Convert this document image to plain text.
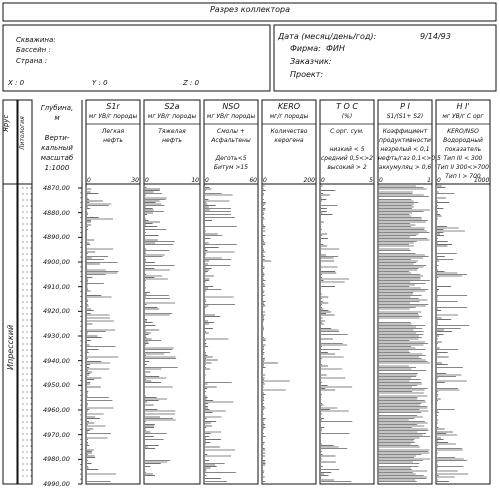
Разрез коллектора
Скважина:
Бассейн :
Страна :
X : 0	Y : 0	Z : 0
Дата (месяц/день/год):	9/14/93
Фирма: ФИН
Заказчик:
Проект:
Ярус Литология
Глубина,
м
Верти-
кальный
масштаб
1:1000
Ипресский
S1r
мг УВ/г породы
Легкая
нефть
0	30
S2a
мг УВ/г породы
Тяжелая
нефть
0	10
NSO
мг УВ/г породы
Смолы +
Асфальтены
Деготь<5
Битум >15
0	60
KERO
мг/г породы
Количество
керогена
0	200
T O C
(%)
С орг. сум.
низкий < 5
средний 0,5<>2
высокий > 2
0	5
P I
S1/(S1+ S2)
Коэффициент
продуктивности
незрелый < 0,1
нефть/газ 0,1<>0,5
аккумуляц > 0,6
0	1
H I'
мг УВ/г С орг
KERO/NSO
Водородный
показатель
Тип III < 300
Тип II 300<>700
Тип I > 700
0	1000
4870,00
4880,00
4890,00
4900,00
4910,00
4920,00
4930,00
4940,00
4950,00
4960,00
4970,00
4980,00
4990,00
